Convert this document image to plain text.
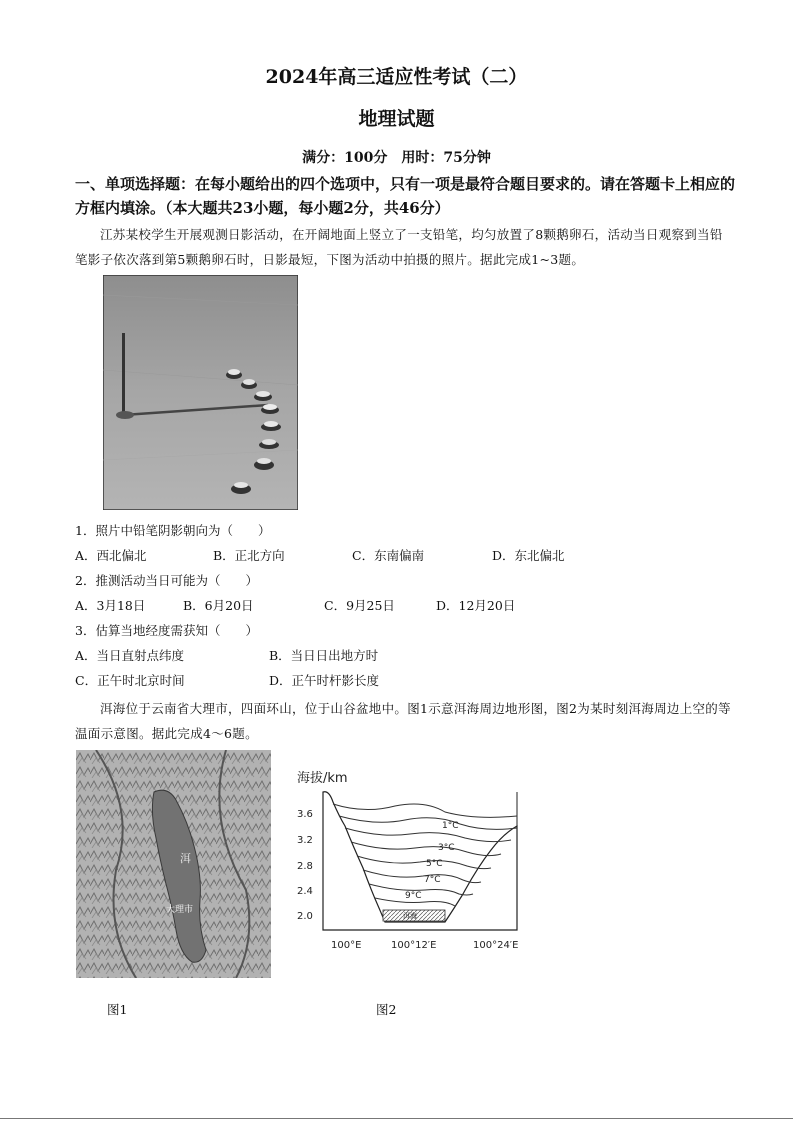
2024年高三适应性考试（二）
地理试题
满分：100分　用时：75分钟
一、单项选择题：在每小题给出的四个选项中，只有一项是最符合题目要求的。请在答题卡上相应的方框内填涂。（本大题共23小题，每小题2分，共46分）
江苏某校学生开展观测日影活动，在开阔地面上竖立了一支铅笔，均匀放置了8颗鹅卵石，活动当日观察到当铅笔影子依次落到第5颗鹅卵石时，日影最短，下图为活动中拍摄的照片。据此完成1~3题。
1．照片中铅笔阴影朝向为（　　）
A．西北偏北	B．正北方向	C．东南偏南	D．东北偏北
2．推测活动当日可能为（　　）
A．3月18日	B．6月20日	C．9月25日	D．12月20日
3．估算当地经度需获知（　　）
A．当日直射点纬度	B．当日日出地方时
C．正午时北京时间	D．正午时杆影长度
洱海位于云南省大理市，四面环山，位于山谷盆地中。图1示意洱海周边地形图，图2为某时刻洱海周边上空的等温面示意图。据此完成4～6题。
洱
大理市
图1
海拔/km
3.6
3.2
2.8
2.4
2.0
100°E	100°12′E	100°24′E
1°C
3°C
5°C
7°C
9°C
洱海
图2
